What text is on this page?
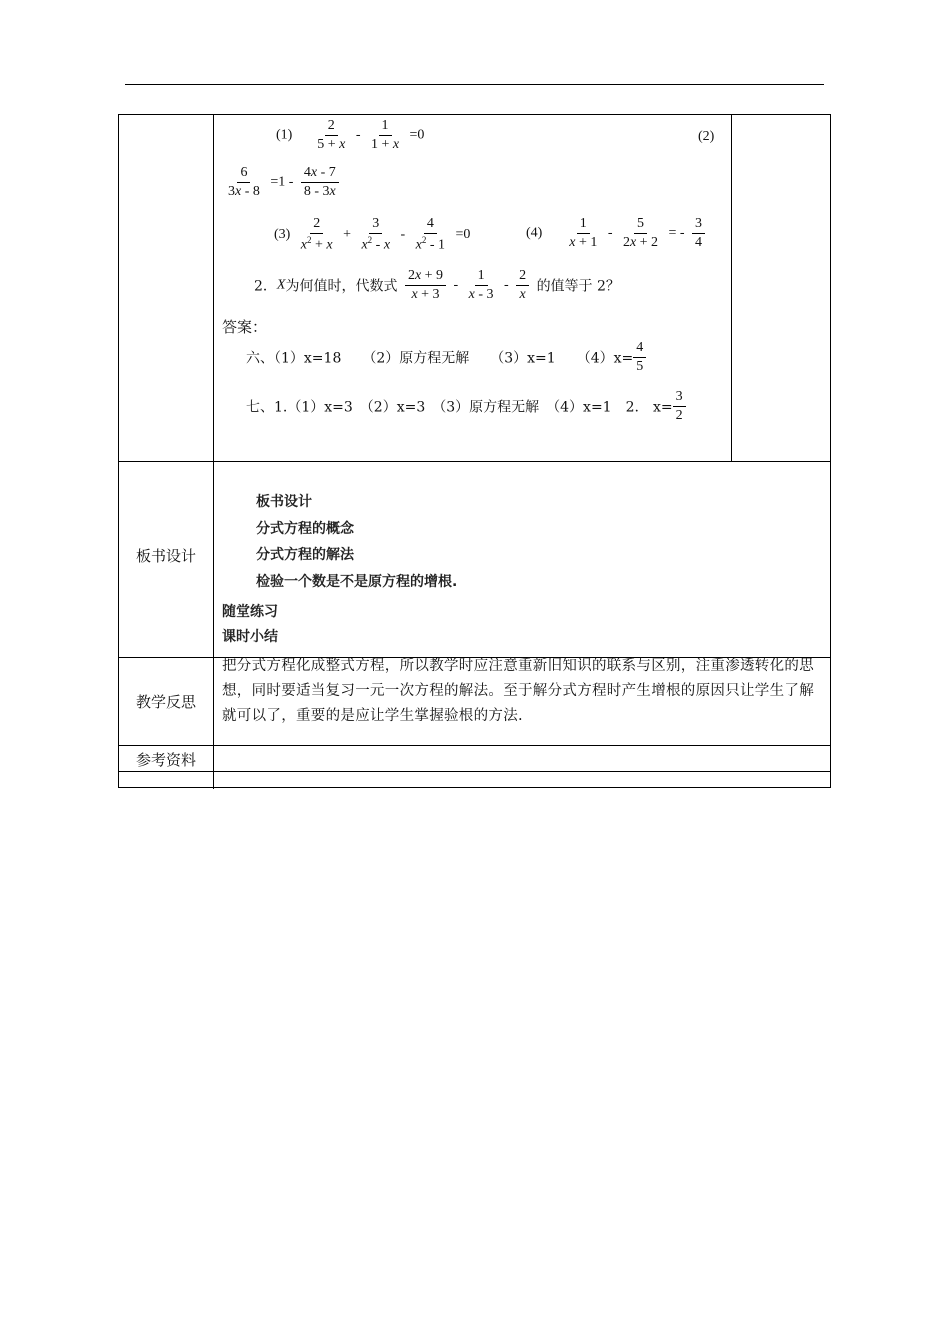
板书设计
教学反思
参考资料
$(1) \frac{2}{5 + x} - \frac{1}{1 + x} =0$	(2)
$\frac{6}{3x - 8} =1 - \frac{4x - 7}{8 - 3x}$
$(3) \frac{2}{x^2 + x} + \frac{3}{x^2 - x} - \frac{4}{x^2 - 1} =0$	$(4) \frac{1}{x + 1} - \frac{5}{2x + 2}$ = - $\frac{3}{4}$
2．X为何值时，代数式 $\frac{2x + 9}{x + 3} - \frac{1}{x - 3} - \frac{2}{x}$ 的值等于 2？
答案：
六、（1）x=18　　（2）原方程无解　　（3）x=1　　$(4)x= \frac{4}{5}$
七、1.（1）x=3　（2）x=3　（3）原方程无解　（4）x=1　2.　$x= \frac{3}{2}$
板书设计
分式方程的概念
分式方程的解法
检验一个数是不是原方程的增根.
随堂练习
课时小结
把分式方程化成整式方程，所以教学时应注意重新旧知识的联系与区别，注重渗透转化的思想，同时要适当复习一元一次方程的解法。至于解分式方程时产生增根的原因只让学生了解就可以了，重要的是应让学生掌握验根的方法.
